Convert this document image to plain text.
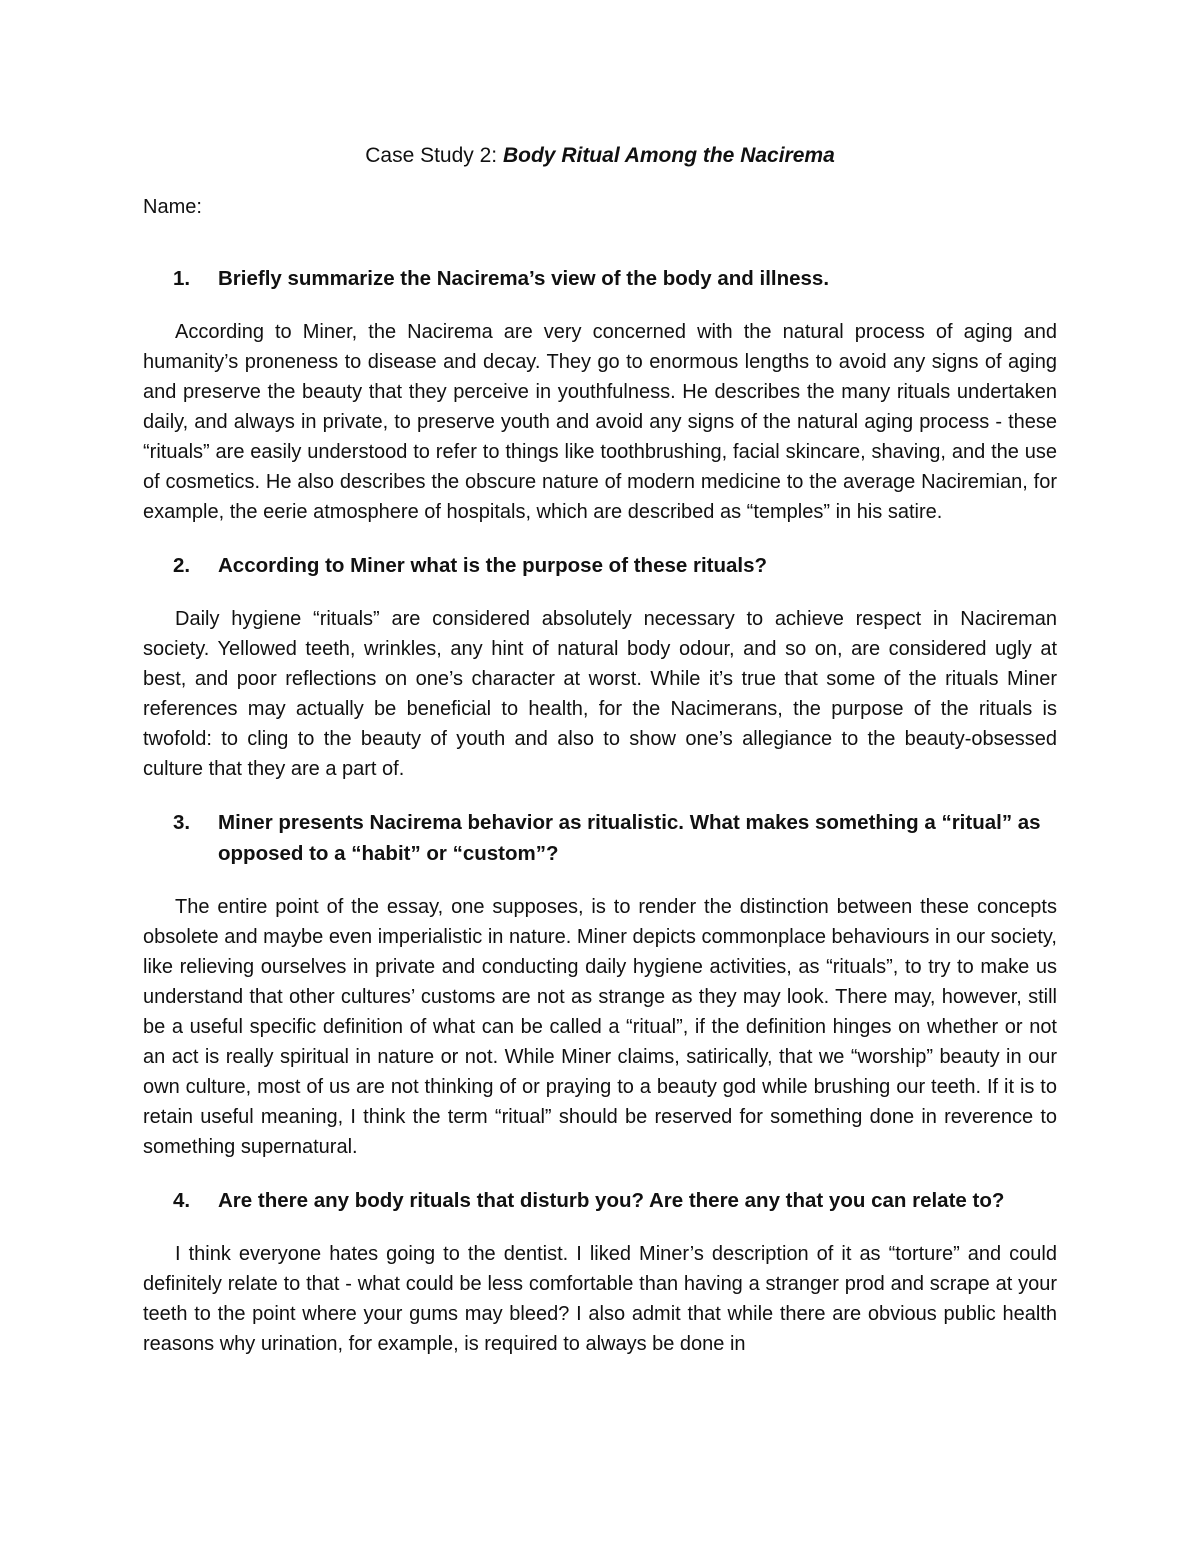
Case Study 2: Body Ritual Among the Nacirema
Name:
1.	Briefly summarize the Nacirema’s view of the body and illness.

According to Miner, the Nacirema are very concerned with the natural process of aging and humanity’s proneness to disease and decay. They go to enormous lengths to avoid any signs of aging and preserve the beauty that they perceive in youthfulness. He describes the many rituals undertaken daily, and always in private, to preserve youth and avoid any signs of the natural aging process - these “rituals” are easily understood to refer to things like toothbrushing, facial skincare, shaving, and the use of cosmetics. He also describes the obscure nature of modern medicine to the average Naciremian, for example, the eerie atmosphere of hospitals, which are described as “temples” in his satire.

2.	According to Miner what is the purpose of these rituals?

Daily hygiene “rituals” are considered absolutely necessary to achieve respect in Nacireman society. Yellowed teeth, wrinkles, any hint of natural body odour, and so on, are considered ugly at best, and poor reflections on one’s character at worst. While it’s true that some of the rituals Miner references may actually be beneficial to health, for the Nacimerans, the purpose of the rituals is twofold: to cling to the beauty of youth and also to show one’s allegiance to the beauty-obsessed culture that they are a part of.

3.	Miner presents Nacirema behavior as ritualistic. What makes something a “ritual” as opposed to a “habit” or “custom”?

The entire point of the essay, one supposes, is to render the distinction between these concepts obsolete and maybe even imperialistic in nature. Miner depicts commonplace behaviours in our society, like relieving ourselves in private and conducting daily hygiene activities, as “rituals”, to try to make us understand that other cultures’ customs are not as strange as they may look. There may, however, still be a useful specific definition of what can be called a “ritual”, if the definition hinges on whether or not an act is really spiritual in nature or not. While Miner claims, satirically, that we “worship” beauty in our own culture, most of us are not thinking of or praying to a beauty god while brushing our teeth. If it is to retain useful meaning, I think the term “ritual” should be reserved for something done in reverence to something supernatural.

4.	Are there any body rituals that disturb you? Are there any that you can relate to?

I think everyone hates going to the dentist. I liked Miner’s description of it as “torture” and could definitely relate to that - what could be less comfortable than having a stranger prod and scrape at your teeth to the point where your gums may bleed? I also admit that while there are obvious public health reasons why urination, for example, is required to always be done in
